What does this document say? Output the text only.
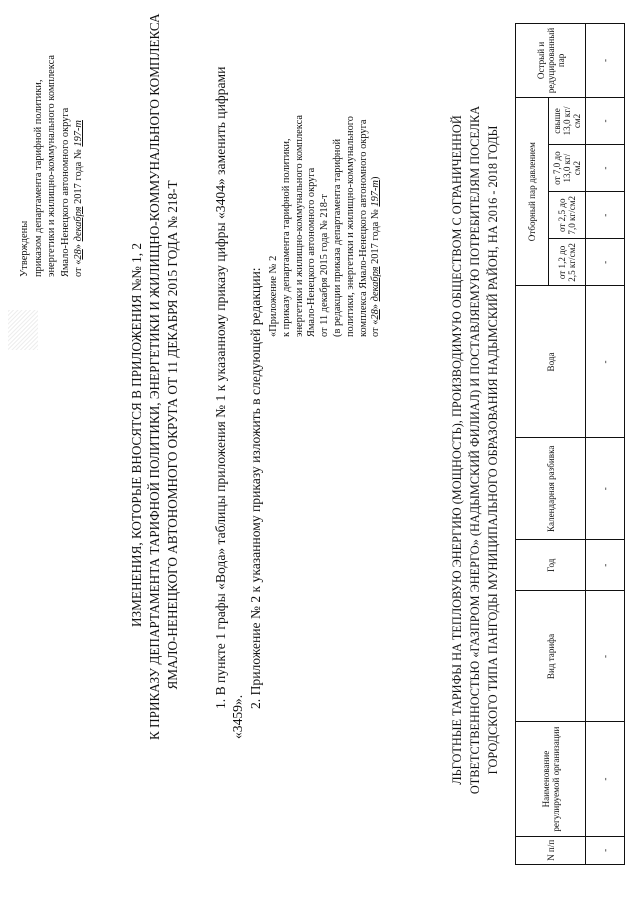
Утверждены приказом департамента тарифной политики, энергетики и жилищно-коммунального комплекса Ямало-Ненецкого автономного округа от «28» декабря 2017 года № 197-т
ИЗМЕНЕНИЯ, КОТОРЫЕ ВНОСЯТСЯ В ПРИЛОЖЕНИЯ №№ 1, 2 К ПРИКАЗУ ДЕПАРТАМЕНТА ТАРИФНОЙ ПОЛИТИКИ, ЭНЕРГЕТИКИ И ЖИЛИЩНО-КОММУНАЛЬНОГО КОМПЛЕКСА ЯМАЛО-НЕНЕЦКОГО АВТОНОМНОГО ОКРУГА ОТ 11 ДЕКАБРЯ 2015 ГОДА № 218-Т 1. В пункте 1 графы «Вода» таблицы приложения № 1 к указанному приказу цифры «3404» заменить цифрами
«3459».
2. Приложение № 2 к указанному приказу изложить в следующей редакции: «Приложение № 2 к приказу департамента тарифной политики, энергетики и жилищно-коммунального комплекса Ямало-Ненецкого автономного округа от 11 декабря 2015 года № 218-т (в редакции приказа департамента тарифной политики, энергетики и жилищно-коммунального комплекса Ямало-Ненецкого автономного округа от «28» декабря 2017 года № 197-т)	ЛЬГОТНЫЕ ТАРИФЫ НА ТЕПЛОВУЮ ЭНЕРГИЮ (МОЩНОСТЬ), ПРОИЗВОДИМУЮ ОБЩЕСТВОМ С ОГРАНИЧЕННОЙ ОТВЕТСТВЕННОСТЬЮ «ГАЗПРОМ ЭНЕРГО» (НАДЫМСКИЙ ФИЛИАЛ) И ПОСТАВЛЯЕМУЮ ПОТРЕБИТЕЛЯМ ПОСЕЛКА ГОРОДСКОГО ТИПА ПАНГОДЫ МУНИЦИПАЛЬНОГО ОБРАЗОВАНИЯ НАДЫМСКИЙ РАЙОН, НА 2016 - 2018 ГОДЫ
N п/п	Наименование регулируемой организации	Вид тарифа	Год	Календарная разбивка	Вода	Отборный пар давлением				Острый и редуцированный пар
						от 1,2 до 2,5 кг/см2	от 2,5 до 7,0 кг/см2	от 7,0 до 13,0 кг/см2	свыше 13,0 кг/см2	
-	-	-	-	-	-	-	-	-	-	-
